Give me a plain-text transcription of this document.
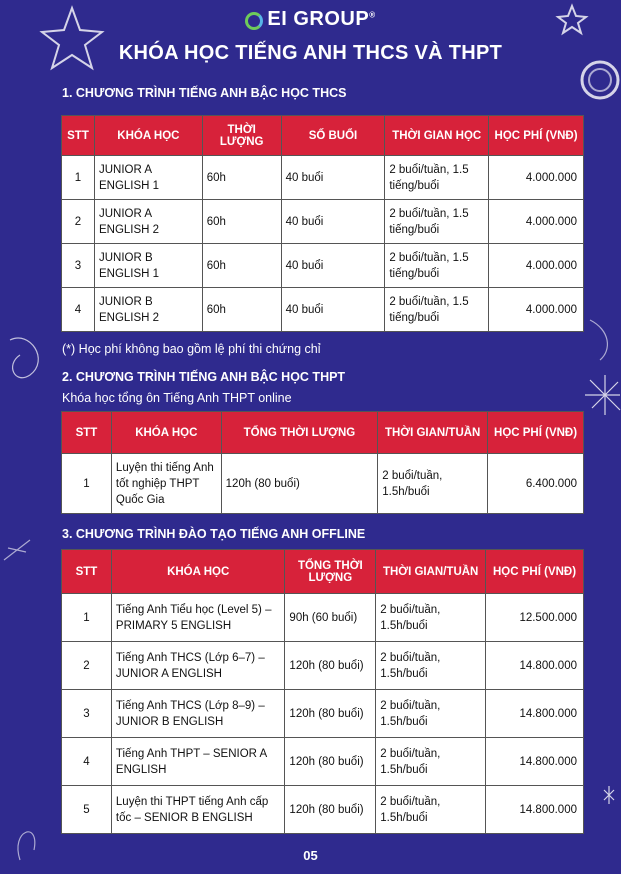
EI GROUP®
KHÓA HỌC TIẾNG ANH THCS VÀ THPT
1. CHƯƠNG TRÌNH TIẾNG ANH BẬC HỌC THCS
STT	KHÓA HỌC	THỜI LƯỢNG	SỐ BUỔI	THỜI GIAN HỌC	HỌC PHÍ (VNĐ)
1	JUNIOR A ENGLISH 1	60h	40 buổi	2 buổi/tuần, 1.5 tiếng/buổi	4.000.000
2	JUNIOR A ENGLISH 2	60h	40 buổi	2 buổi/tuần, 1.5 tiếng/buổi	4.000.000
3	JUNIOR B ENGLISH 1	60h	40 buổi	2 buổi/tuần, 1.5 tiếng/buổi	4.000.000
4	JUNIOR B ENGLISH 2	60h	40 buổi	2 buổi/tuần, 1.5 tiếng/buổi	4.000.000
(*) Học phí không bao gồm lệ phí thi chứng chỉ
2. CHƯƠNG TRÌNH TIẾNG ANH BẬC HỌC THPT
Khóa học tổng ôn Tiếng Anh THPT online
STT	KHÓA HỌC	TỔNG THỜI LƯỢNG	THỜI GIAN/TUẦN	HỌC PHÍ (VNĐ)
1	Luyện thi tiếng Anh tốt nghiệp THPT Quốc Gia	120h (80 buổi)	2 buổi/tuần, 1.5h/buổi	6.400.000
3. CHƯƠNG TRÌNH ĐÀO TẠO TIẾNG ANH OFFLINE
STT	KHÓA HỌC	TỔNG THỜI LƯỢNG	THỜI GIAN/TUẦN	HỌC PHÍ (VNĐ)
1	Tiếng Anh Tiểu học (Level 5) – PRIMARY 5 ENGLISH	90h (60 buổi)	2 buổi/tuần, 1.5h/buổi	12.500.000
2	Tiếng Anh THCS (Lớp 6–7) – JUNIOR A ENGLISH	120h (80 buổi)	2 buổi/tuần, 1.5h/buổi	14.800.000
3	Tiếng Anh THCS (Lớp 8–9) – JUNIOR B ENGLISH	120h (80 buổi)	2 buổi/tuần, 1.5h/buổi	14.800.000
4	Tiếng Anh THPT – SENIOR A ENGLISH	120h (80 buổi)	2 buổi/tuần, 1.5h/buổi	14.800.000
5	Luyện thi THPT tiếng Anh cấp tốc – SENIOR B ENGLISH	120h (80 buổi)	2 buổi/tuần, 1.5h/buổi	14.800.000
05
